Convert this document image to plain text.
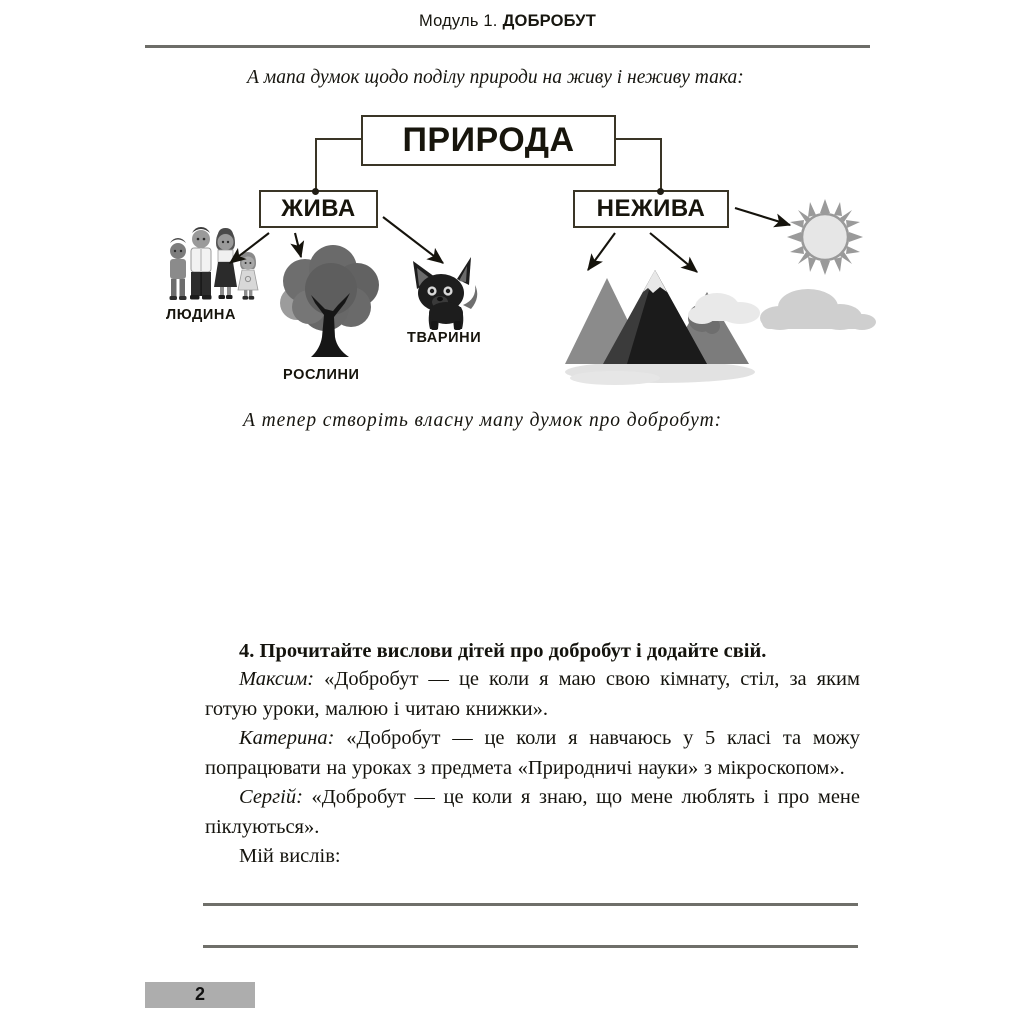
Модуль 1. ДОБРОБУТ
А мапа думок щодо поділу природи на живу і неживу така:
ПРИРОДА
ЖИВА	НЕЖИВА
ЛЮДИНА
РОСЛИНИ
ТВАРИНИ
А тепер створіть власну мапу думок про добробут:

4. Прочитайте вислови дітей про добробут і додайте свій.

Максим: «Добробут — це коли я маю свою кімнату, стіл, за яким готую уроки, малюю і читаю книжки».

Катерина: «Добробут — це коли я навчаюсь у 5 класі та можу попрацювати на уроках з предмета «Природничі науки» з мікроскопом».

Сергій: «Добробут — це коли я знаю, що мене люблять і про мене піклуються».

Мій вислів:

2
